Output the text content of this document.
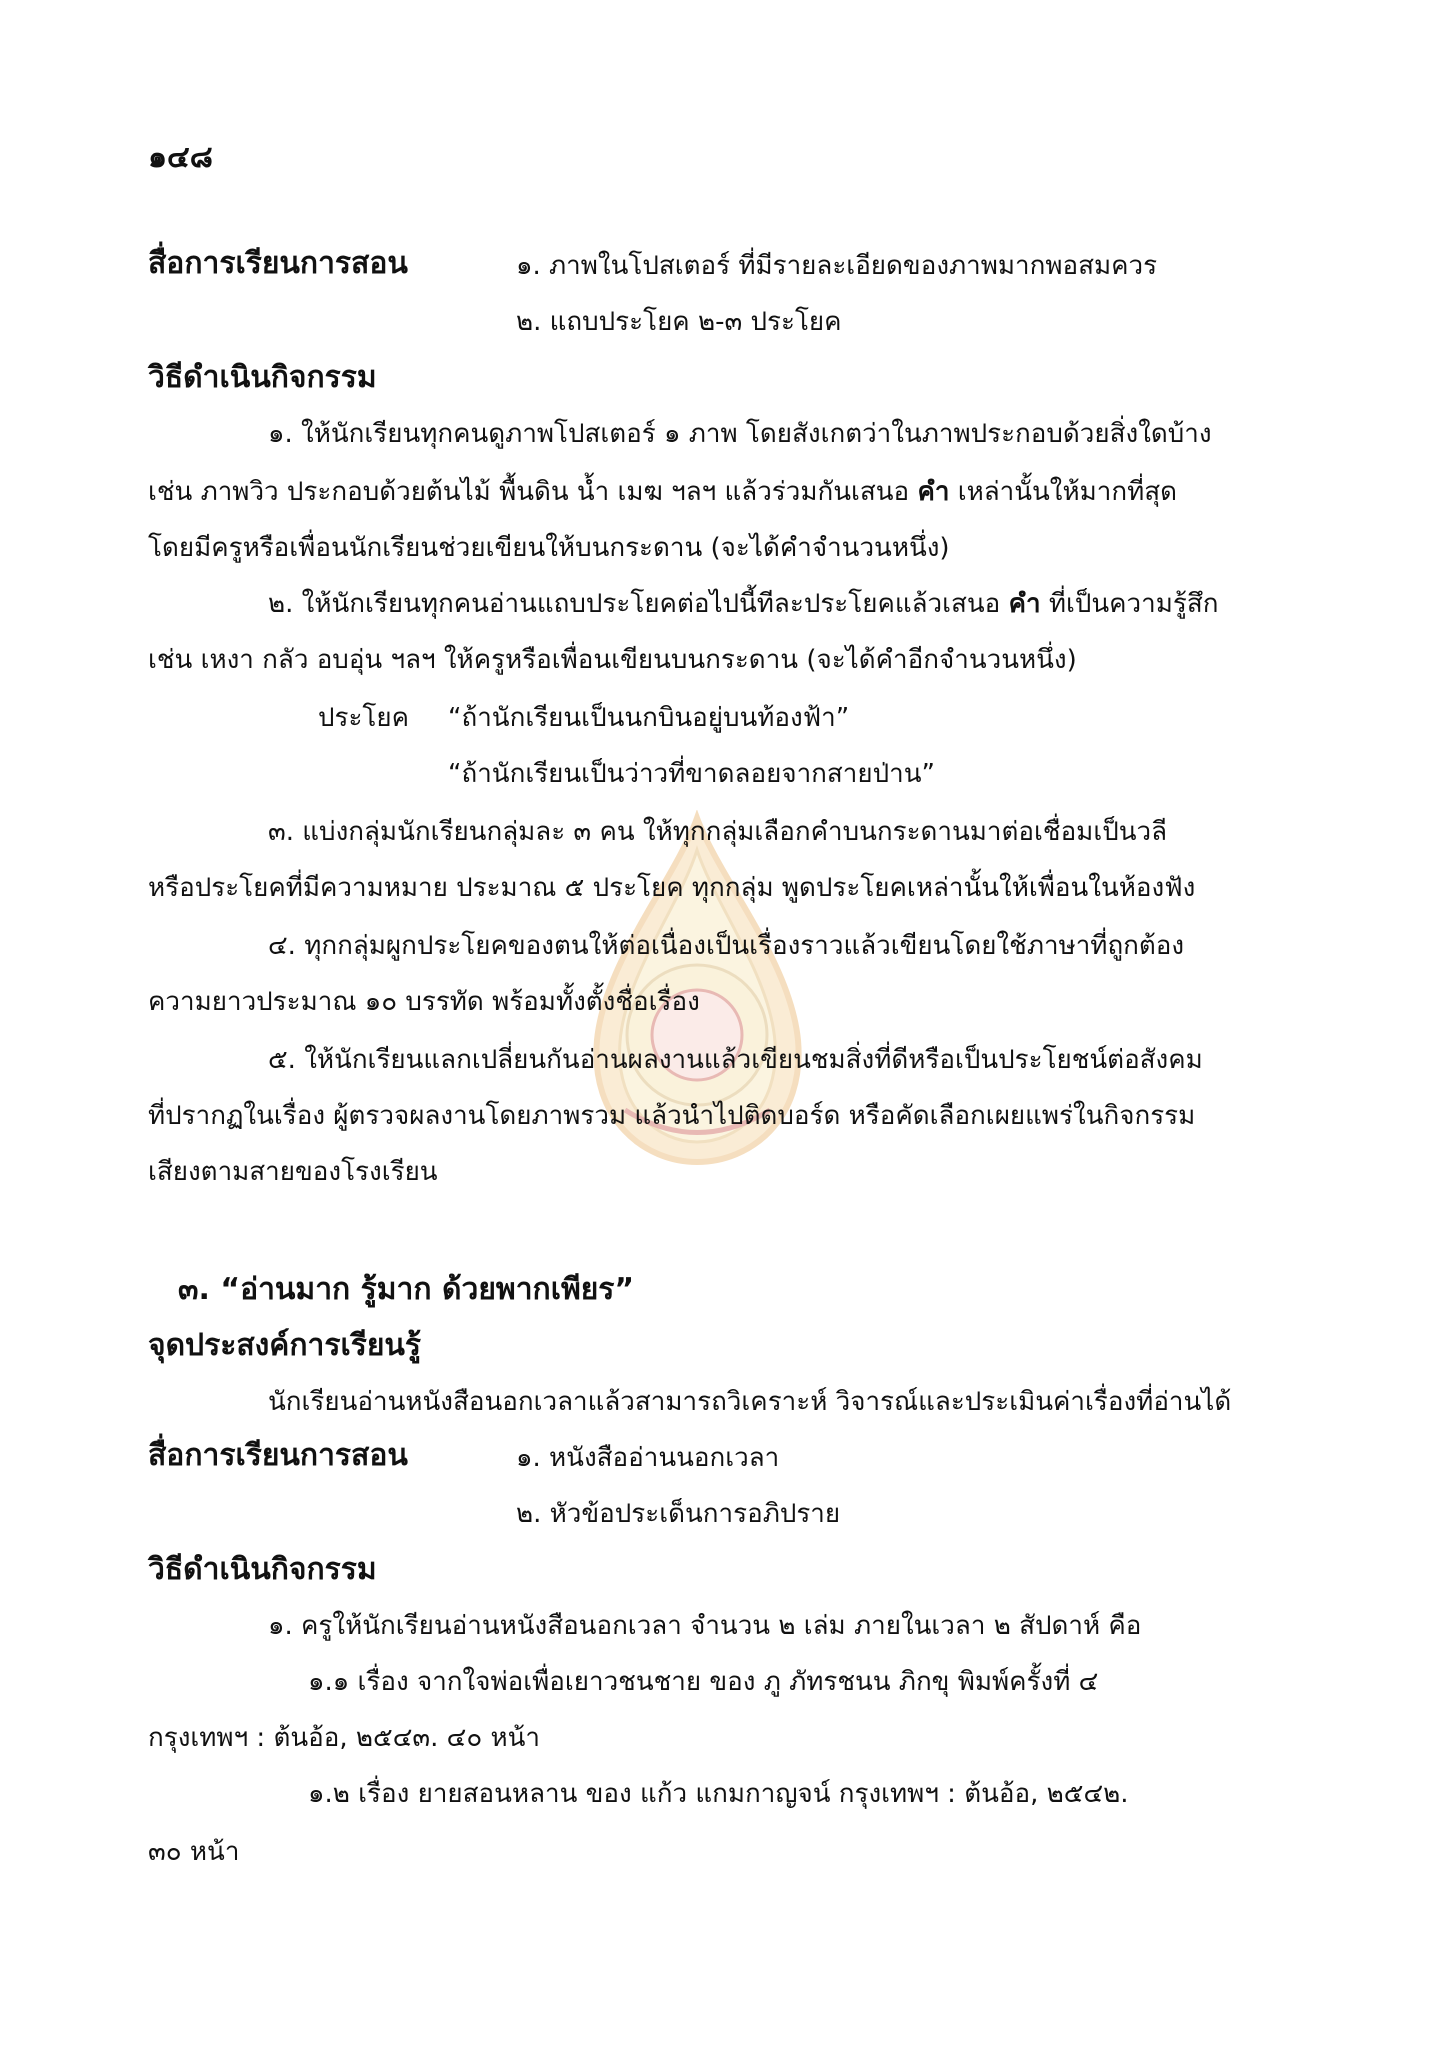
๑๔๘
สื่อการเรียนการสอน	๑. ภาพในโปสเตอร์ ที่มีรายละเอียดของภาพมากพอสมควร
๒. แถบประโยค ๒-๓ ประโยค
วิธีดำเนินกิจกรรม
๑. ให้นักเรียนทุกคนดูภาพโปสเตอร์ ๑ ภาพ โดยสังเกตว่าในภาพประกอบด้วยสิ่งใดบ้าง
เช่น ภาพวิว ประกอบด้วยต้นไม้ พื้นดิน น้ำ เมฆ ฯลฯ แล้วร่วมกันเสนอ คำ เหล่านั้นให้มากที่สุด
โดยมีครูหรือเพื่อนนักเรียนช่วยเขียนให้บนกระดาน (จะได้คำจำนวนหนึ่ง)
๒. ให้นักเรียนทุกคนอ่านแถบประโยคต่อไปนี้ทีละประโยคแล้วเสนอ คำ ที่เป็นความรู้สึก
เช่น เหงา กลัว อบอุ่น ฯลฯ ให้ครูหรือเพื่อนเขียนบนกระดาน (จะได้คำอีกจำนวนหนึ่ง)
ประโยค “ถ้านักเรียนเป็นนกบินอยู่บนท้องฟ้า”
“ถ้านักเรียนเป็นว่าวที่ขาดลอยจากสายป่าน”
๓. แบ่งกลุ่มนักเรียนกลุ่มละ ๓ คน ให้ทุกกลุ่มเลือกคำบนกระดานมาต่อเชื่อมเป็นวลี
หรือประโยคที่มีความหมาย ประมาณ ๕ ประโยค ทุกกลุ่ม พูดประโยคเหล่านั้นให้เพื่อนในห้องฟัง
๔. ทุกกลุ่มผูกประโยคของตนให้ต่อเนื่องเป็นเรื่องราวแล้วเขียนโดยใช้ภาษาที่ถูกต้อง
ความยาวประมาณ ๑๐ บรรทัด พร้อมทั้งตั้งชื่อเรื่อง
๕. ให้นักเรียนแลกเปลี่ยนกันอ่านผลงานแล้วเขียนชมสิ่งที่ดีหรือเป็นประโยชน์ต่อสังคม
ที่ปรากฏในเรื่อง ผู้ตรวจผลงานโดยภาพรวม แล้วนำไปติดบอร์ด หรือคัดเลือกเผยแพร่ในกิจกรรม
เสียงตามสายของโรงเรียน
๓. “อ่านมาก รู้มาก ด้วยพากเพียร”
จุดประสงค์การเรียนรู้
นักเรียนอ่านหนังสือนอกเวลาแล้วสามารถวิเคราะห์ วิจารณ์และประเมินค่าเรื่องที่อ่านได้
สื่อการเรียนการสอน	๑. หนังสืออ่านนอกเวลา
๒. หัวข้อประเด็นการอภิปราย
วิธีดำเนินกิจกรรม
๑. ครูให้นักเรียนอ่านหนังสือนอกเวลา จำนวน ๒ เล่ม ภายในเวลา ๒ สัปดาห์ คือ
๑.๑ เรื่อง จากใจพ่อเพื่อเยาวชนชาย ของ ภู ภัทรชนน ภิกขุ พิมพ์ครั้งที่ ๔
กรุงเทพฯ : ต้นอ้อ, ๒๕๔๓. ๔๐ หน้า
๑.๒ เรื่อง ยายสอนหลาน ของ แก้ว แกมกาญจน์ กรุงเทพฯ : ต้นอ้อ, ๒๕๔๒.
๓๐ หน้า
